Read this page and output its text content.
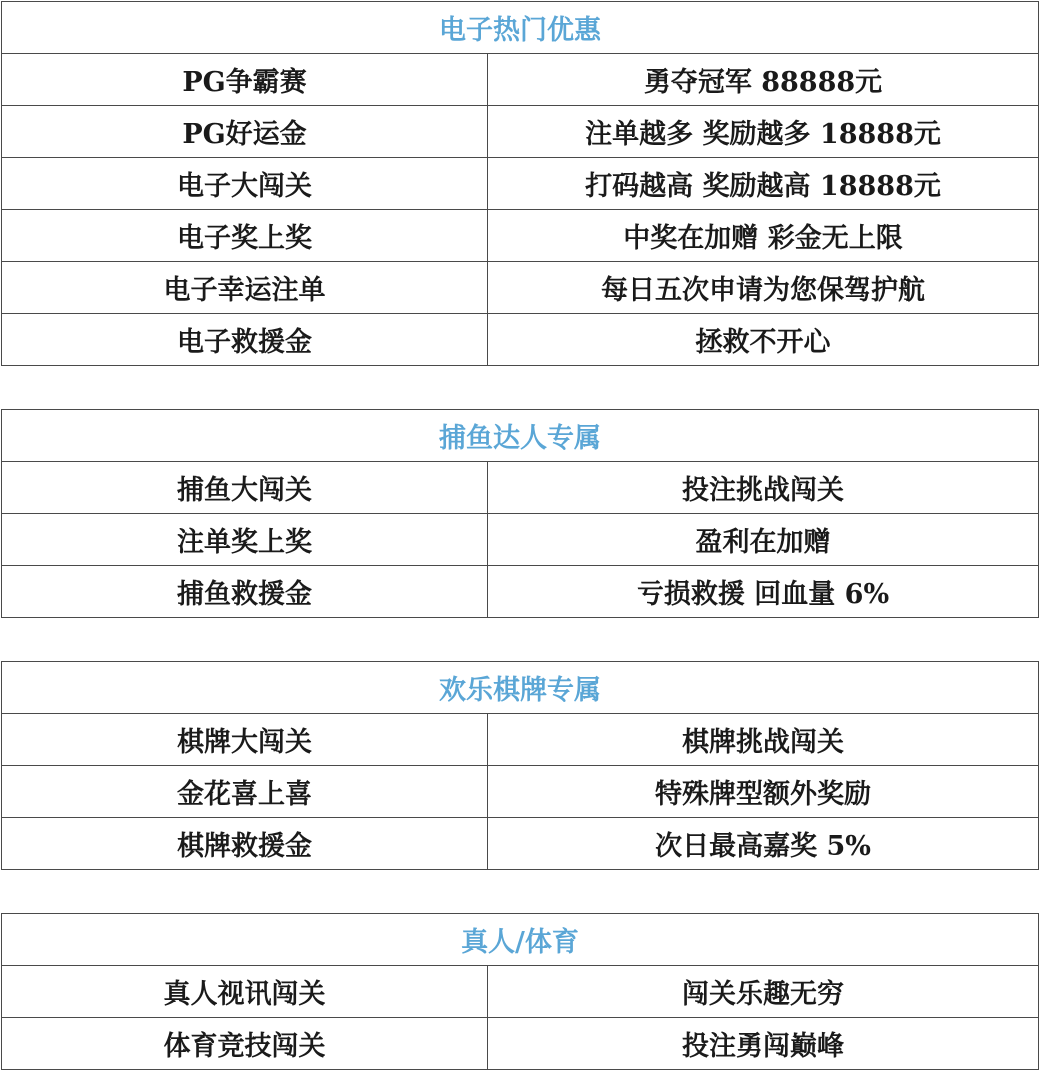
电子热门优惠	
PG争霸赛	勇夺冠军 88888元
PG好运金	注单越多 奖励越多 18888元
电子大闯关	打码越高 奖励越高 18888元
电子奖上奖	中奖在加赠 彩金无上限
电子幸运注单	每日五次申请为您保驾护航
电子救援金	拯救不开心
捕鱼达人专属	
捕鱼大闯关	投注挑战闯关
注单奖上奖	盈利在加赠
捕鱼救援金	亏损救援 回血量 6%
欢乐棋牌专属	
棋牌大闯关	棋牌挑战闯关
金花喜上喜	特殊牌型额外奖励
棋牌救援金	次日最高嘉奖 5%
真人/体育	
真人视讯闯关	闯关乐趣无穷
体育竞技闯关	投注勇闯巅峰
